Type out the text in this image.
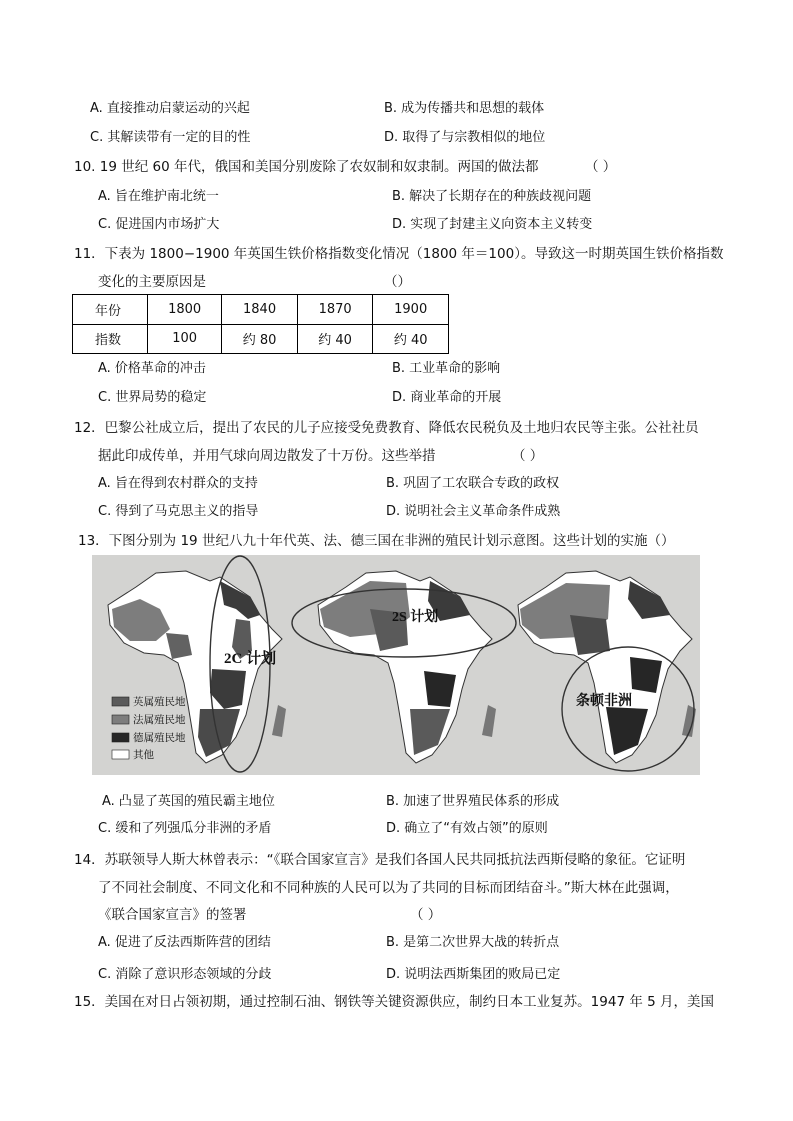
A. 直接推动启蒙运动的兴起	B. 成为传播共和思想的载体
C. 其解读带有一定的目的性	D. 取得了与宗教相似的地位
10. 19 世纪 60 年代，俄国和美国分别废除了农奴制和奴隶制。两国的做法都	（ ）
A. 旨在维护南北统一	B. 解决了长期存在的种族歧视问题
C. 促进国内市场扩大	D. 实现了封建主义向资本主义转变
11．下表为 1800−1900 年英国生铁价格指数变化情况（1800 年＝100）。导致这一时期英国生铁价格指数
变化的主要原因是	（）
年份	1800	1840	1870	1900
指数	100	约 80	约 40	约 40
A. 价格革命的冲击	B. 工业革命的影响
C. 世界局势的稳定	D. 商业革命的开展
12．巴黎公社成立后，提出了农民的儿子应接受免费教育、降低农民税负及土地归农民等主张。公社社员
据此印成传单，并用气球向周边散发了十万份。这些举措	（ ）
A. 旨在得到农村群众的支持	B. 巩固了工农联合专政的政权
C. 得到了马克思主义的指导	D. 说明社会主义革命条件成熟
13．下图分别为 19 世纪八九十年代英、法、德三国在非洲的殖民计划示意图。这些计划的实施（）
2C 计划
2S 计划
条顿非洲
英属殖民地
法属殖民地
德属殖民地
其他
A. 凸显了英国的殖民霸主地位	B. 加速了世界殖民体系的形成
C. 缓和了列强瓜分非洲的矛盾	D. 确立了“有效占领”的原则
14．苏联领导人斯大林曾表示：“《联合国家宣言》是我们各国人民共同抵抗法西斯侵略的象征。它证明
了不同社会制度、不同文化和不同种族的人民可以为了共同的目标而团结奋斗。”斯大林在此强调，
《联合国家宣言》的签署	（ ）
A. 促进了反法西斯阵营的团结	B. 是第二次世界大战的转折点
C. 消除了意识形态领域的分歧	D. 说明法西斯集团的败局已定
15．美国在对日占领初期，通过控制石油、钢铁等关键资源供应，制约日本工业复苏。1947 年 5 月，美国
